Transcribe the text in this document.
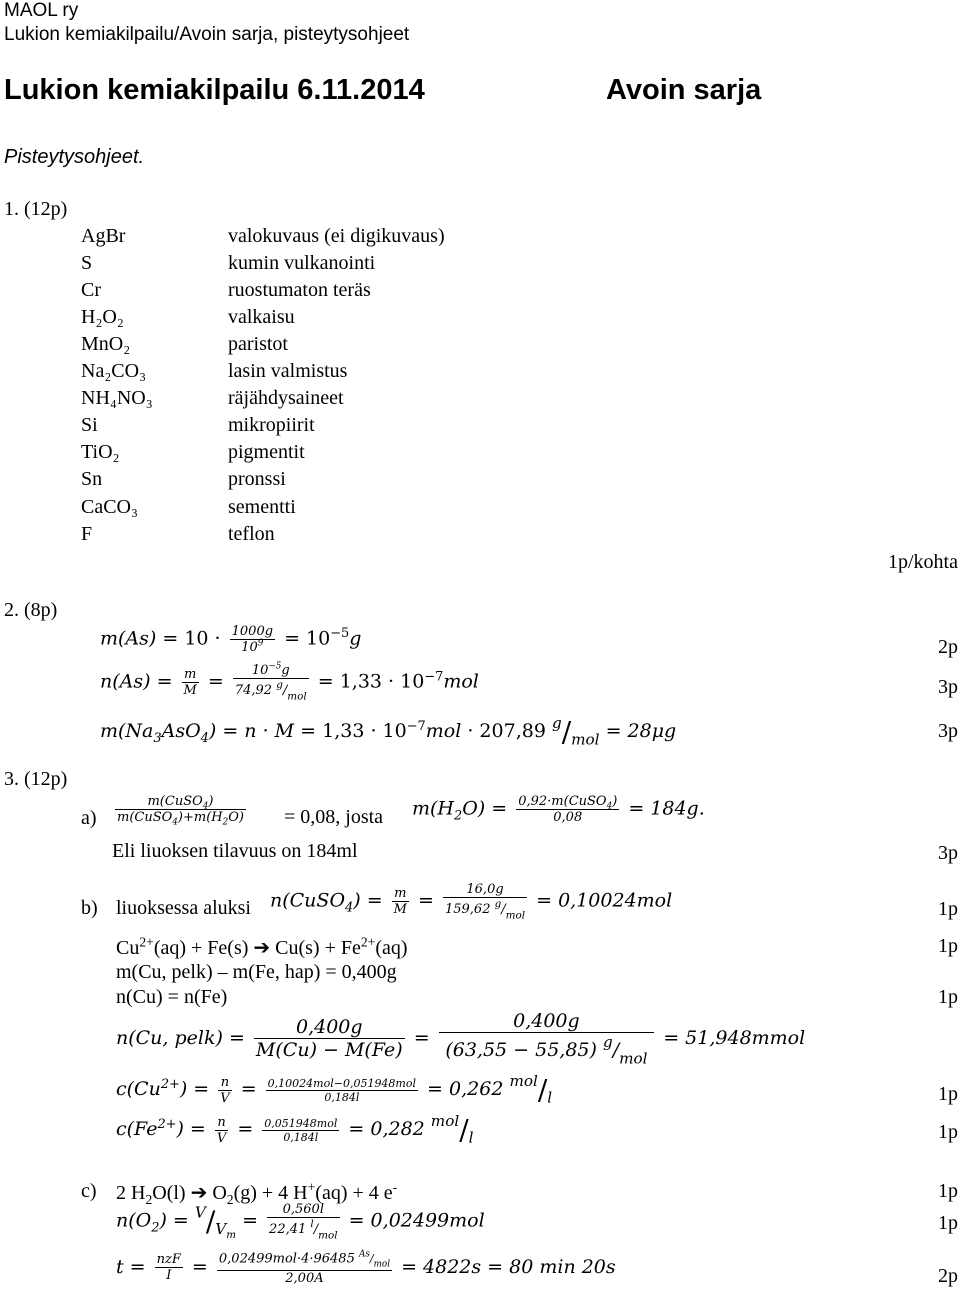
MAOL ry
Lukion kemiakilpailu/Avoin sarja, pisteytysohjeet
Lukion kemiakilpailu 6.11.2014	Avoin sarja
Pisteytysohjeet.
1. (12p)
AgBr	valokuvaus (ei digikuvaus)
S	kumin vulkanointi
Cr	ruostumaton teräs
H₂O₂	valkaisu
MnO₂	paristot
Na₂CO₃	lasin valmistus
NH₄NO₃	räjähdysaineet
Si	mikropiirit
TiO₂	pigmentit
Sn	pronssi
CaCO₃	sementti
F	teflon
1p/kohta
2. (8p)
$m(As) = 10 \cdot \frac{1000g}{10^9} = 10^{-5}g$	2p
$n(As) = \frac{m}{M} = \frac{10^{-5}g}{74,92 ^g/_{mol}} = 1,33 \cdot 10^{-7}mol$	3p
$m(Na_3AsO_4) = n \cdot M = 1,33 \cdot 10^{-7}mol \cdot 207,89$ $^g/_{mol} = 28\mu g$	3p
3. (12p)
$a) \frac{m(CuSO_4)}{m(CuSO_4)+m(H_2O)} = 0,08$, josta $m(H_2O) = \frac{0,92\cdot m(CuSO_4)}{0,08} = 184g$.
Eli liuoksen tilavuus on 184ml	3p
b) liuoksessa aluksi n(CuSO$_4$) = $\frac{m}{M} = \frac{16,0g}{159,62 ^g/_{mol}} = 0,10024mol$	1p
$Cu^{2+}(aq) + Fe(s)$ ➔ $Cu(s) + Fe^{2+}(aq)$	1p
m(Cu, pelk) – m(Fe, hap) = 0,400g
n(Cu) = n(Fe)	1p
n(Cu, pelk) = $\frac{0,400g}{M(Cu) - M(Fe)} = \frac{0,400g}{(63,55 - 55,85) ^g/_{mol}}$ = 51,948mmol
$c(Cu^{2+}) = \frac{n}{V} = \frac{\text{0,10024mol−0,051948mol}}{0,184l} = 0,262$ $^{mol}/_l$	1p
$c(Fe^{2+}) = \frac{n}{V} = \frac{\text{0,051948mol}}{0,184l} = 0,282$ $^{mol}/_l$	1p
c) 2 $H_2O(l)$ ➔ $O_2(g) + 4$ H+(aq) + 4 e-	1p
$n(O_2) = ^V/_{V_m} = \frac{0,560l}{22,41 ^l/_{mol}} = 0,02499mol$	1p
$t = \frac{\text{nzF}}{I} = \frac{0,02499mol\cdot 4\cdot 96485 ^{As}/_{mol}}{2,00A} = 4822s = 80$ min 20s	2p
